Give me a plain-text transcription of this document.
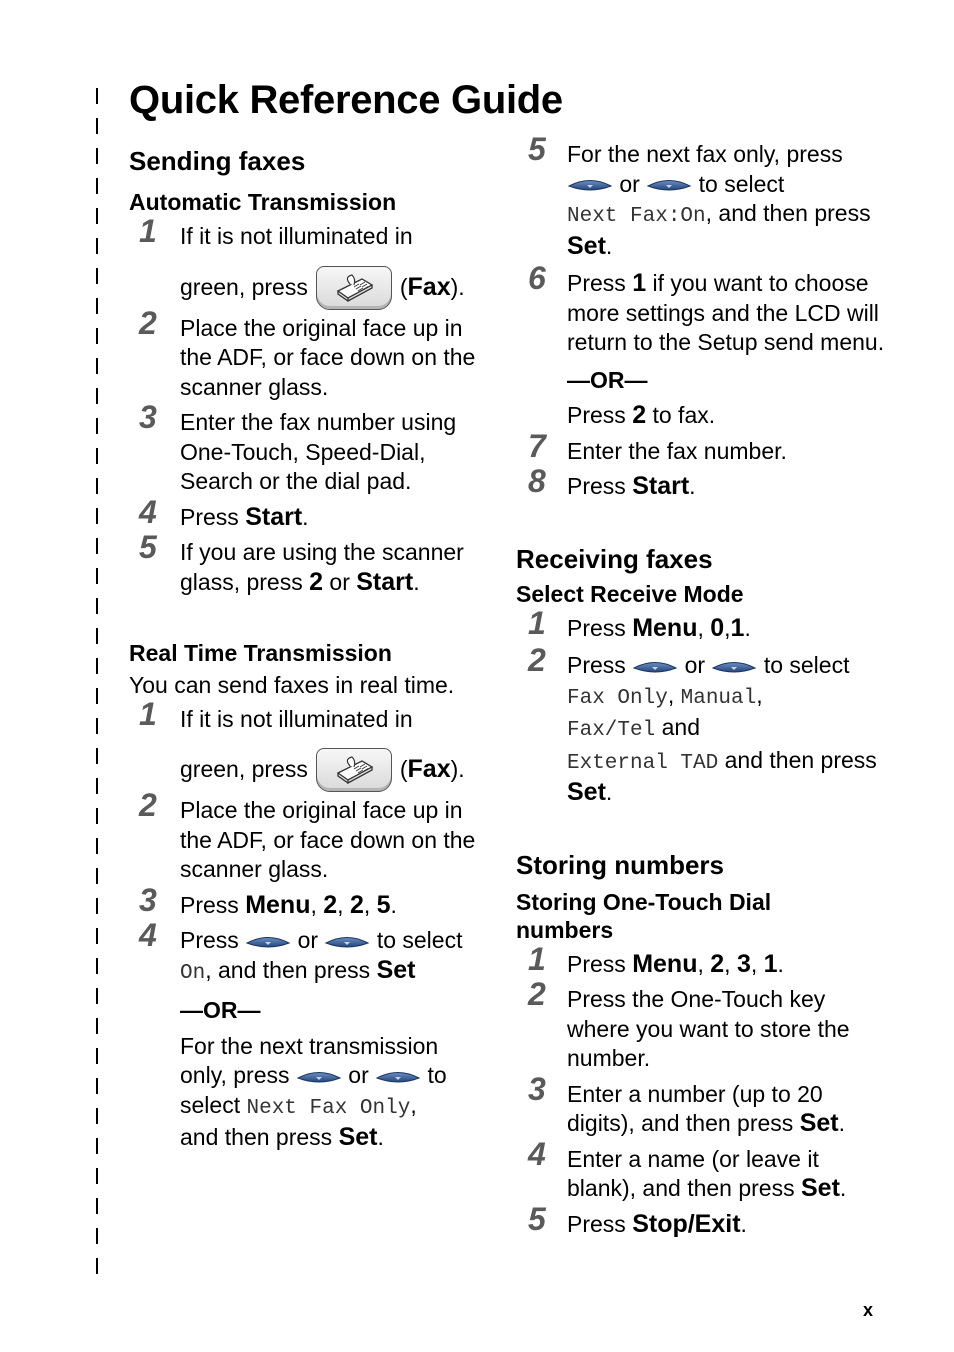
Quick Reference Guide
Sending faxes
Automatic Transmission
1 If it is not illuminated in
green, press	(Fax).
2 Place the original face up in the ADF, or face down on the scanner glass.
3 Enter the fax number using One-Touch, Speed-Dial, Search or the dial pad.
4 Press Start.
5 If you are using the scanner glass, press 2 or Start.
Real Time Transmission

You can send faxes in real time.

1 If it is not illuminated in
green, press	(Fax).
2 Place the original face up in the ADF, or face down on the scanner glass.
3 Press Menu, 2, 2, 5.
4 Press	or	to select
On, and then press Set
—OR—
For the next transmission
only, press  or	to
select Next Fax Only,
and then press Set.
5 For the next fax only, press
or	to select
Next Fax:On, and then press Set.
6 Press 1 if you want to choose more settings and the LCD will return to the Setup send menu.
—OR—
Press 2 to fax.
7 Enter the fax number.
8 Press Start.
Receiving faxes
Select Receive Mode
1 Press Menu, 0,1.
2 Press	or	to select
Fax Only, Manual,
Fax/Tel and
External TAD and then press Set.
Storing numbers
Storing One-Touch Dial numbers
1 Press Menu, 2, 3, 1.
2 Press the One-Touch key where you want to store the number.
3 Enter a number (up to 20 digits), and then press Set.
4 Enter a name (or leave it blank), and then press Set.
5 Press Stop/Exit.
x
